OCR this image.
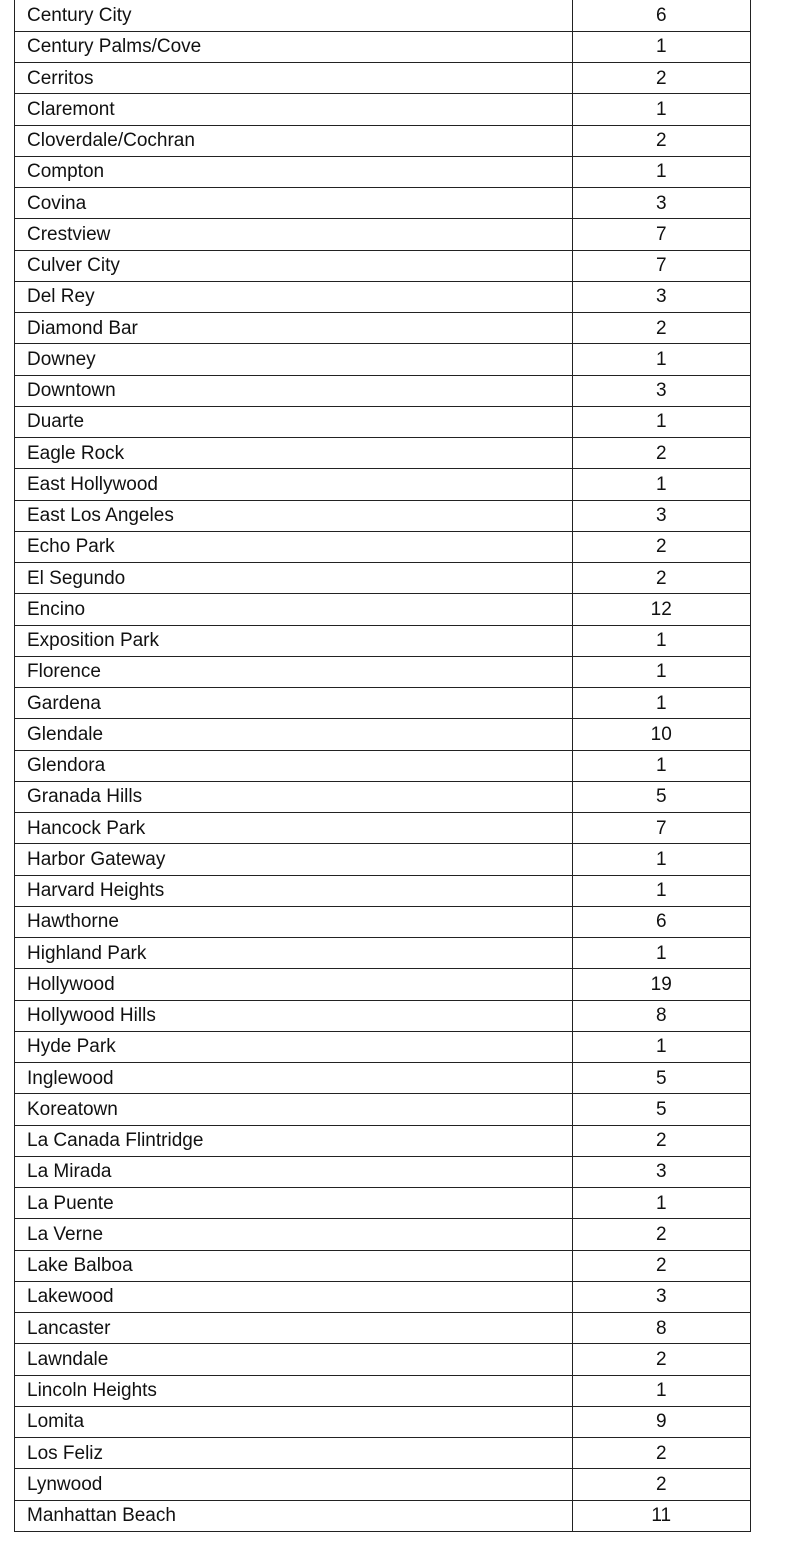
Century City	6
Century Palms/Cove	1
Cerritos	2
Claremont	1
Cloverdale/Cochran	2
Compton	1
Covina	3
Crestview	7
Culver City	7
Del Rey	3
Diamond Bar	2
Downey	1
Downtown	3
Duarte	1
Eagle Rock	2
East Hollywood	1
East Los Angeles	3
Echo Park	2
El Segundo	2
Encino	12
Exposition Park	1
Florence	1
Gardena	1
Glendale	10
Glendora	1
Granada Hills	5
Hancock Park	7
Harbor Gateway	1
Harvard Heights	1
Hawthorne	6
Highland Park	1
Hollywood	19
Hollywood Hills	8
Hyde Park	1
Inglewood	5
Koreatown	5
La Canada Flintridge	2
La Mirada	3
La Puente	1
La Verne	2
Lake Balboa	2
Lakewood	3
Lancaster	8
Lawndale	2
Lincoln Heights	1
Lomita	9
Los Feliz	2
Lynwood	2
Manhattan Beach	11
